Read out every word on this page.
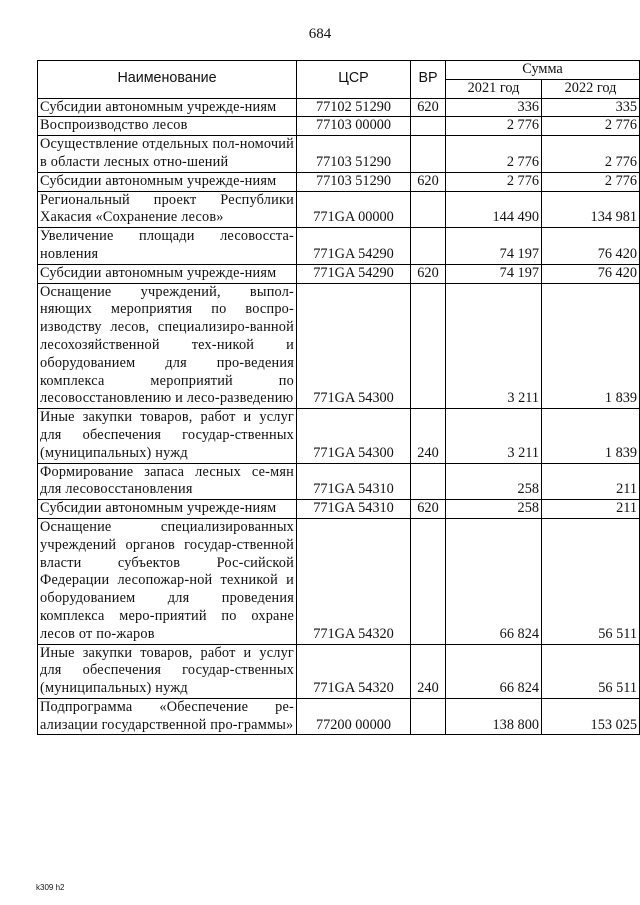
684
Наименование	ЦСР	ВР	Сумма	
			2021 год	2022 год
Субсидии автономным учрежде-ниям	77102 51290	620	336	335
Воспроизводство лесов	77103 00000		2 776	2 776
Осуществление отдельных пол-номочий в области лесных отно-шений	77103 51290		2 776	2 776
Субсидии автономным учрежде-ниям	77103 51290	620	2 776	2 776
Региональный проект Республики Хакасия «Сохранение лесов»	771GA 00000		144 490	134 981
Увеличение площади лесовосста-новления	771GA 54290		74 197	76 420
Субсидии автономным учрежде-ниям	771GA 54290	620	74 197	76 420
Оснащение учреждений, выпол-няющих мероприятия по воспро-изводству лесов, специализиро-ванной лесохозяйственной тех-никой и оборудованием для про-ведения комплекса мероприятий по лесовосстановлению и лесо-разведению	771GA 54300		3 211	1 839
Иные закупки товаров, работ и услуг для обеспечения государ-ственных (муниципальных) нужд	771GA 54300	240	3 211	1 839
Формирование запаса лесных се-мян для лесовосстановления	771GA 54310		258	211
Субсидии автономным учрежде-ниям	771GA 54310	620	258	211
Оснащение специализированных учреждений органов государ-ственной власти субъектов Рос-сийской Федерации лесопожар-ной техникой и оборудованием для проведения комплекса меро-приятий по охране лесов от по-жаров	771GA 54320		66 824	56 511
Иные закупки товаров, работ и услуг для обеспечения государ-ственных (муниципальных) нужд	771GA 54320	240	66 824	56 511
Подпрограмма «Обеспечение ре-ализации государственной про-граммы»	77200 00000		138 800	153 025
k309 h2
